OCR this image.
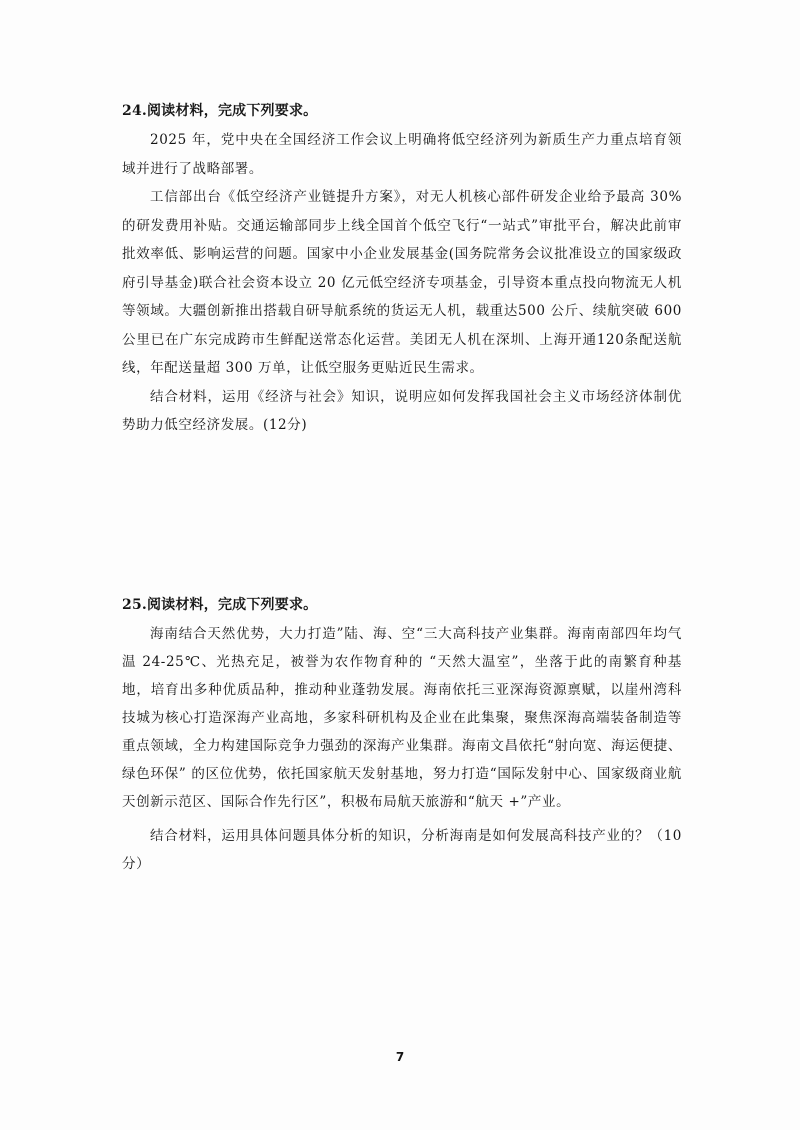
24.阅读材料，完成下列要求。

2025 年，党中央在全国经济工作会议上明确将低空经济列为新质生产力重点培育领域并进行了战略部署。

工信部出台《低空经济产业链提升方案》，对无人机核心部件研发企业给予最高 30%的研发费用补贴。交通运输部同步上线全国首个低空飞行“一站式”审批平台，解决此前审批效率低、影响运营的问题。国家中小企业发展基金(国务院常务会议批准设立的国家级政府引导基金)联合社会资本设立 20 亿元低空经济专项基金，引导资本重点投向物流无人机等领域。大疆创新推出搭载自研导航系统的货运无人机，载重达500 公斤、续航突破 600 公里已在广东完成跨市生鲜配送常态化运营。美团无人机在深圳、上海开通120条配送航线，年配送量超 300 万单，让低空服务更贴近民生需求。

结合材料，运用《经济与社会》知识，说明应如何发挥我国社会主义市场经济体制优势助力低空经济发展。(12分)

25.阅读材料，完成下列要求。

海南结合天然优势，大力打造”陆、海、空“三大高科技产业集群。海南南部四年均气温 24-25℃、光热充足，被誉为农作物育种的 “天然大温室”，坐落于此的南繁育种基地，培育出多种优质品种，推动种业蓬勃发展。海南依托三亚深海资源禀赋，以崖州湾科技城为核心打造深海产业高地，多家科研机构及企业在此集聚，聚焦深海高端装备制造等重点领域，全力构建国际竞争力强劲的深海产业集群。海南文昌依托“射向宽、海运便捷、绿色环保” 的区位优势，依托国家航天发射基地，努力打造“国际发射中心、国家级商业航天创新示范区、国际合作先行区”，积极布局航天旅游和“航天 +”产业。

结合材料，运用具体问题具体分析的知识，分析海南是如何发展高科技产业的？（10分）

7
